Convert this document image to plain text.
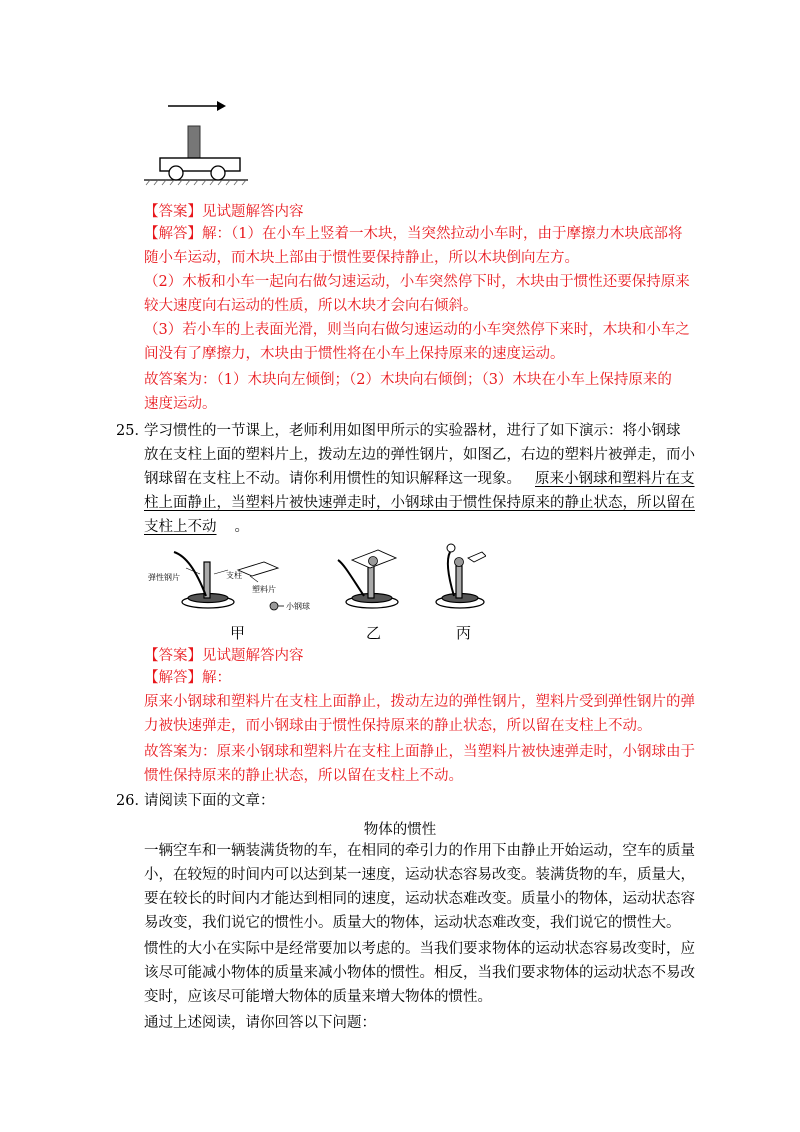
【答案】见试题解答内容
【解答】解：（1）在小车上竖着一木块，当突然拉动小车时，由于摩擦力木块底部将
随小车运动，而木块上部由于惯性要保持静止，所以木块倒向左方。
（2）木板和小车一起向右做匀速运动，小车突然停下时，木块由于惯性还要保持原来
较大速度向右运动的性质，所以木块才会向右倾斜。
（3）若小车的上表面光滑，则当向右做匀速运动的小车突然停下来时，木块和小车之
间没有了摩擦力，木块由于惯性将在小车上保持原来的速度运动。
故答案为：（1）木块向左倾倒；（2）木块向右倾倒；（3）木块在小车上保持原来的
速度运动。
25．
学习惯性的一节课上，老师利用如图甲所示的实验器材，进行了如下演示：将小钢球
放在支柱上面的塑料片上，拨动左边的弹性钢片，如图乙，右边的塑料片被弹走，而小
钢球留在支柱上不动。请你利用惯性的知识解释这一现象。 原来小钢球和塑料片在支
柱上面静止，当塑料片被快速弹走时，小钢球由于惯性保持原来的静止状态，所以留在
支柱上不动 。
弹性钢片	支柱
塑料片
小钢球
甲	乙	丙
【答案】见试题解答内容
【解答】解：
原来小钢球和塑料片在支柱上面静止，拨动左边的弹性钢片，塑料片受到弹性钢片的弹
力被快速弹走，而小钢球由于惯性保持原来的静止状态，所以留在支柱上不动。
故答案为：原来小钢球和塑料片在支柱上面静止，当塑料片被快速弹走时，小钢球由于
惯性保持原来的静止状态，所以留在支柱上不动。
26．
请阅读下面的文章：
物体的惯性
一辆空车和一辆装满货物的车，在相同的牵引力的作用下由静止开始运动，空车的质量
小，在较短的时间内可以达到某一速度，运动状态容易改变。装满货物的车，质量大，
要在较长的时间内才能达到相同的速度，运动状态难改变。质量小的物体，运动状态容
易改变，我们说它的惯性小。质量大的物体，运动状态难改变，我们说它的惯性大。
惯性的大小在实际中是经常要加以考虑的。当我们要求物体的运动状态容易改变时，应
该尽可能减小物体的质量来减小物体的惯性。相反，当我们要求物体的运动状态不易改
变时，应该尽可能增大物体的质量来增大物体的惯性。
通过上述阅读，请你回答以下问题：
